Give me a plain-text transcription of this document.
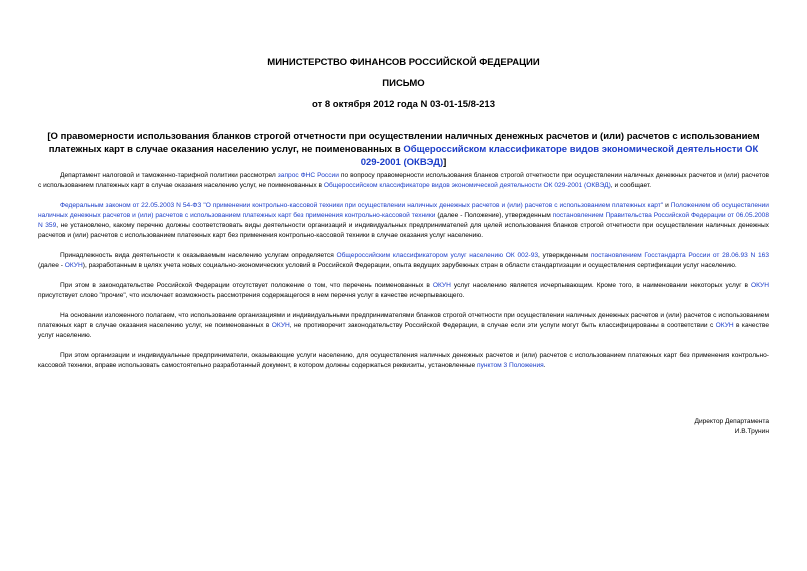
МИНИСТЕРСТВО ФИНАНСОВ РОССИЙСКОЙ ФЕДЕРАЦИИ
ПИСЬМО
от 8 октября 2012 года N 03-01-15/8-213
[О правомерности использования бланков строгой отчетности при осуществлении наличных денежных расчетов и (или) расчетов с использованием платежных карт в случае оказания населению услуг, не поименованных в Общероссийском классификаторе видов экономической деятельности ОК 029-2001 (ОКВЭД)]

Департамент налоговой и таможенно-тарифной политики рассмотрел запрос ФНС России по вопросу правомерности использования бланков строгой отчетности при осуществлении наличных денежных расчетов и (или) расчетов с использованием платежных карт в случае оказания населению услуг, не поименованных в Общероссийском классификаторе видов экономической деятельности ОК 029-2001 (ОКВЭД), и сообщает.

Федеральным законом от 22.05.2003 N 54-ФЗ "О применении контрольно-кассовой техники при осуществлении наличных денежных расчетов и (или) расчетов с использованием платежных карт" и Положением об осуществлении наличных денежных расчетов и (или) расчетов с использованием платежных карт без применения контрольно-кассовой техники (далее - Положение), утвержденным постановлением Правительства Российской Федерации от 06.05.2008 N 359, не установлено, какому перечню должны соответствовать виды деятельности организаций и индивидуальных предпринимателей для целей использования бланков строгой отчетности при осуществлении наличных денежных расчетов и (или) расчетов с использованием платежных карт без применения контрольно-кассовой техники в случае оказания услуг населению.

Принадлежность вида деятельности к оказываемым населению услугам определяется Общероссийским классификатором услуг населению ОК 002-93, утвержденным постановлением Госстандарта России от 28.06.93 N 163 (далее - ОКУН), разработанным в целях учета новых социально-экономических условий в Российской Федерации, опыта ведущих зарубежных стран в области стандартизации и осуществления сертификации услуг населению.

При этом в законодательстве Российской Федерации отсутствует положение о том, что перечень поименованных в ОКУН услуг населению является исчерпывающим. Кроме того, в наименовании некоторых услуг в ОКУН присутствует слово "прочие", что исключает возможность рассмотрения содержащегося в нем перечня услуг в качестве исчерпывающего.

На основании изложенного полагаем, что использование организациями и индивидуальными предпринимателями бланков строгой отчетности при осуществлении наличных денежных расчетов и (или) расчетов с использованием платежных карт в случае оказания населению услуг, не поименованных в ОКУН, не противоречит законодательству Российской Федерации, в случае если эти услуги могут быть классифицированы в соответствии с ОКУН в качестве услуг населению.

При этом организации и индивидуальные предприниматели, оказывающие услуги населению, для осуществления наличных денежных расчетов и (или) расчетов с использованием платежных карт без применения контрольно-кассовой техники, вправе использовать самостоятельно разработанный документ, в котором должны содержаться реквизиты, установленные пунктом 3 Положения.

Директор Департамента
И.В.Трунин
